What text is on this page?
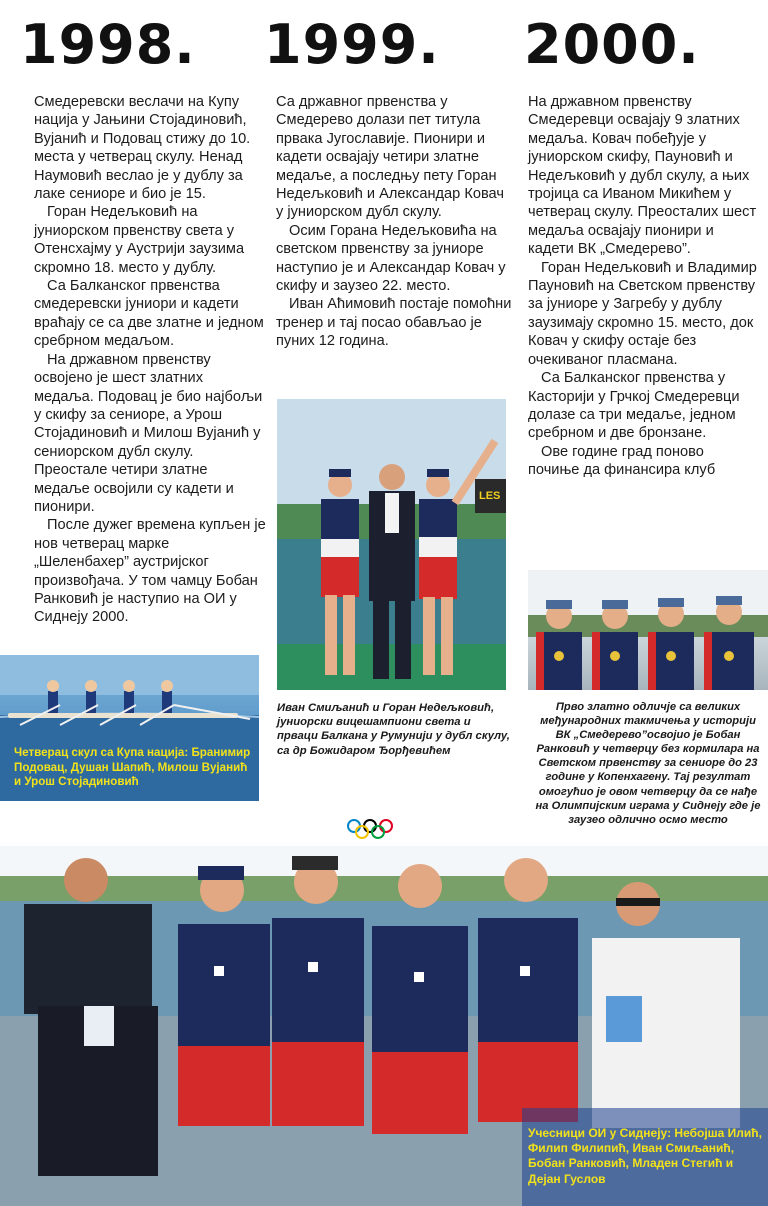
1998. 1999. 2000.

Смедеревски веслачи на Купу нација у Јањини Стојадиновић, Вујанић и Подовац стижу до 10. места у четверац скулу. Ненад Наумовић веслао је у дублу за лаке сениоре и био је 15.

Горан Недељковић на јуниорском првенству света у Отенсхајму у Аустрији заузима скромно 18. место у дублу.

Са Балканског првенства смедеревски јуниори и кадети враћају се са две златне и једном сребрном медаљом.

На државном првенству освојено је шест златних медаља. Подовац је био најбољи у скифу за сениоре, а Урош Стојадиновић и Милош Вујанић у сениорском дубл скулу. Преостале четири златне медаље освојили су кадети и пионири.

После дужег времена купљен је нов четверац марке „Шеленбахер” аустријског произвођача. У том чамцу Бобан Ранковић је наступио на ОИ у Сиднеју 2000.

Са државног првенства у Смедерево долази пет титула првака Југославије. Пионири и кадети освајају четири златне медаље, а последњу пету Горан Недељковић и Александар Ковач у јуниорском дубл скулу.

Осим Горана Недељковића на светском првенству за јуниоре наступио је и Александар Ковач у скифу и заузео 22. место.

Иван Аћимовић постаје помоћни тренер и тај посао обављао је пуних 12 година.

На државном првенству Смедеревци освајају 9 златних медаља. Ковач побеђује у јуниорском скифу, Пауновић и Недељковић у дубл скулу, а њих тројица са Иваном Микићем у четверац скулу. Преосталих шест медаља освајају пионири и кадети ВК „Смедерево”.

Горан Недељковић и Владимир Пауновић на Светском првенству за јуниоре у Загребу у дублу заузимају скромно 15. место, док Ковач у скифу остаје без очекиваног пласмана.

Са Балканског првенства у Касторији у Грчкој Смедеревци долазе са три медаље, једном сребрном и две бронзане.

Ове године град поново почиње да финансира клуб

Четверац скул са Купа нација: Бранимир Подовац, Душан Шапић, Милош Вујанић и Урош Стојадиновић
LES
Иван Смиљанић и Горан Недељковић, јуниорски вицешампиони света и прваци Балкана у Румунији у дубл скулу, са др Божидаром Ђорђевићем
Прво златно одличје са великих међународних такмичења у историји ВК „Смедерево”освојио је Бобан Ранковић у четверцу без кормилара на Светском првенству за сениоре до 23 године у Копенхагену. Тај резултат омогућио је овом четверцу да се нађе на Олимпијским играма у Сиднеју где је заузео одлично осмо место
Учесници ОИ у Сиднеју: Небојша Илић, Филип Филипић, Иван Смиљанић, Бобан Ранковић, Младен Стегић и Дејан Гуслов
